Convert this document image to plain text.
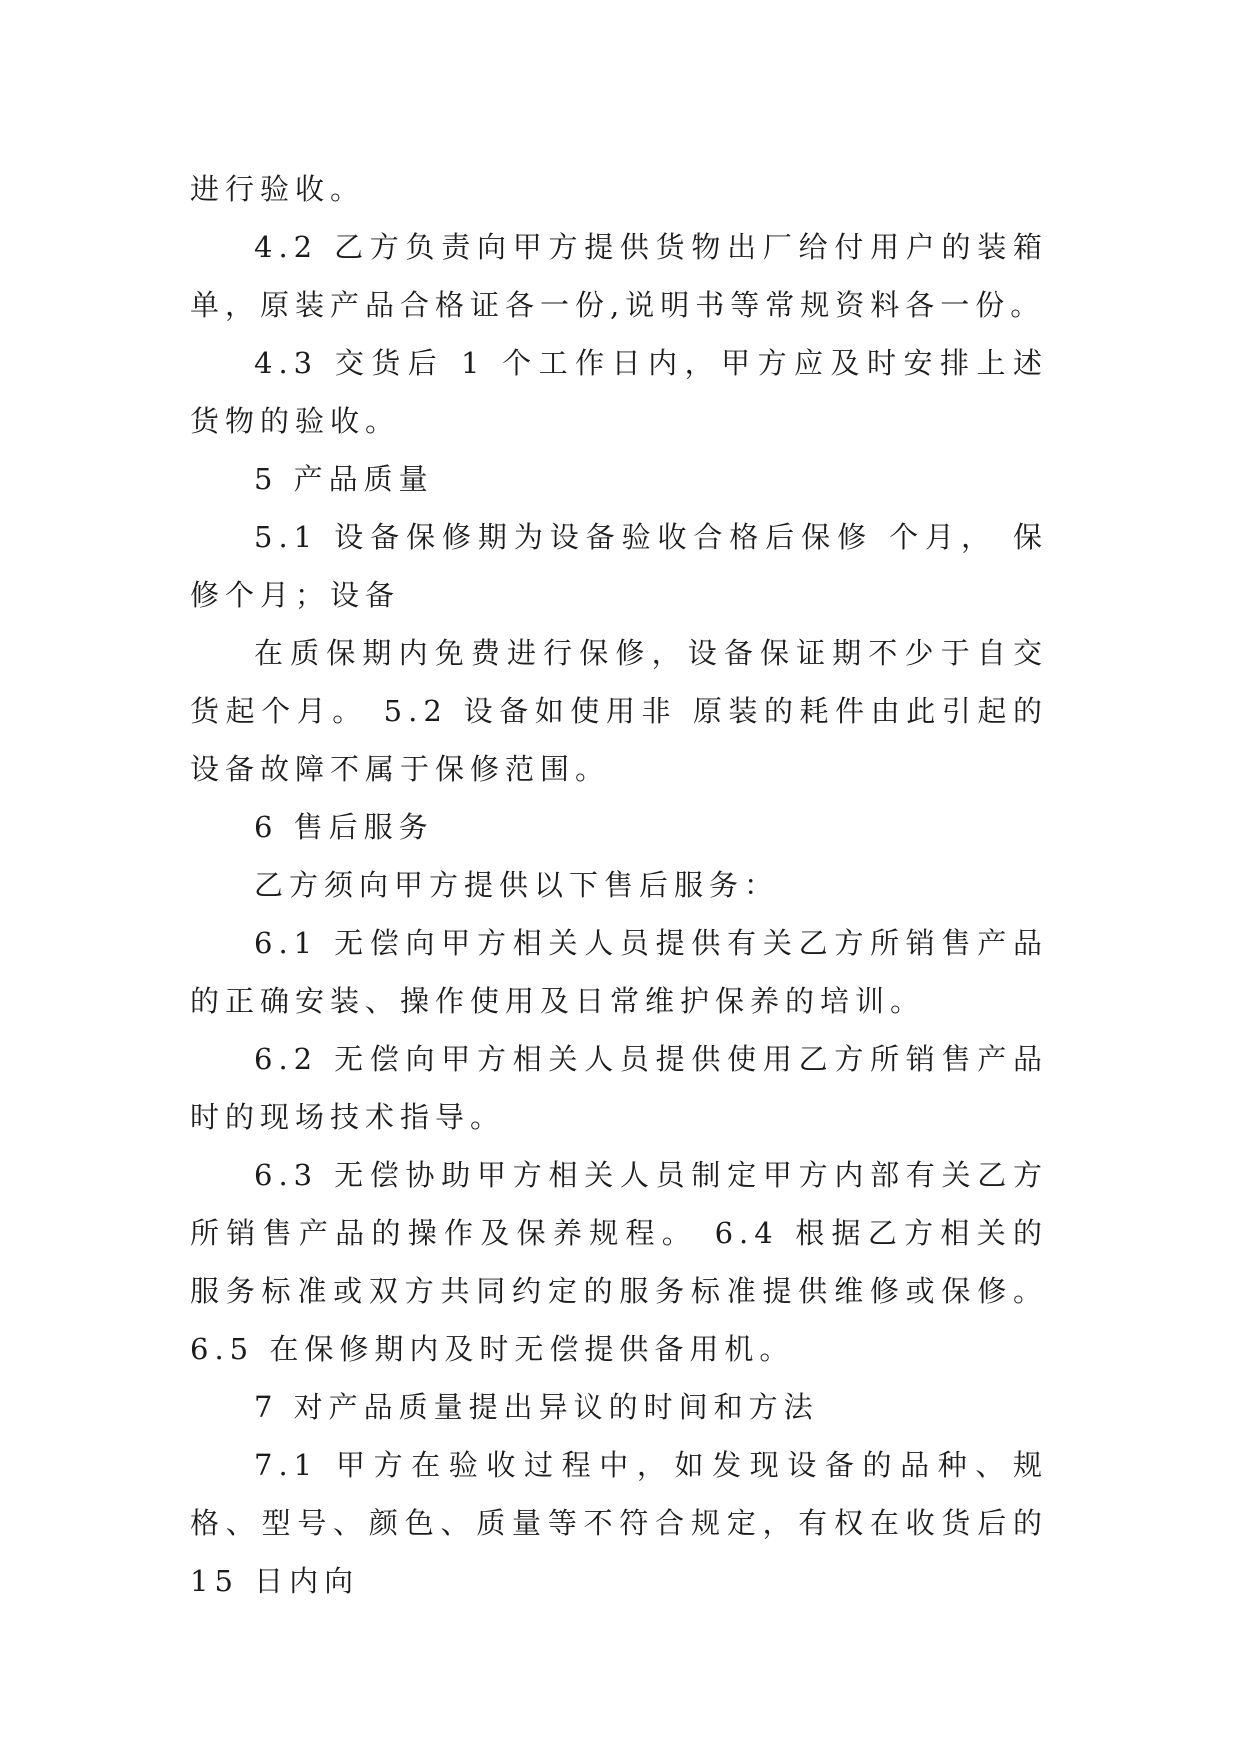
进行验收。

4.2 乙方负责向甲方提供货物出厂给付用户的装箱单，原装产品合格证各一份,说明书等常规资料各一份。

4.3 交货后 1 个工作日内，甲方应及时安排上述货物的验收。

5 产品质量

5.1 设备保修期为设备验收合格后保修 个月， 保修个月；设备

在质保期内免费进行保修，设备保证期不少于自交货起个月。 5.2 设备如使用非 原装的耗件由此引起的设备故障不属于保修范围。

6 售后服务

乙方须向甲方提供以下售后服务：

6.1 无偿向甲方相关人员提供有关乙方所销售产品的正确安装、操作使用及日常维护保养的培训。

6.2 无偿向甲方相关人员提供使用乙方所销售产品时的现场技术指导。

6.3 无偿协助甲方相关人员制定甲方内部有关乙方所销售产品的操作及保养规程。 6.4 根据乙方相关的服务标准或双方共同约定的服务标准提供维修或保修。 6.5 在保修期内及时无偿提供备用机。

7 对产品质量提出异议的时间和方法

7.1 甲方在验收过程中，如发现设备的品种、规格、型号、颜色、质量等不符合规定，有权在收货后的 15 日内向
